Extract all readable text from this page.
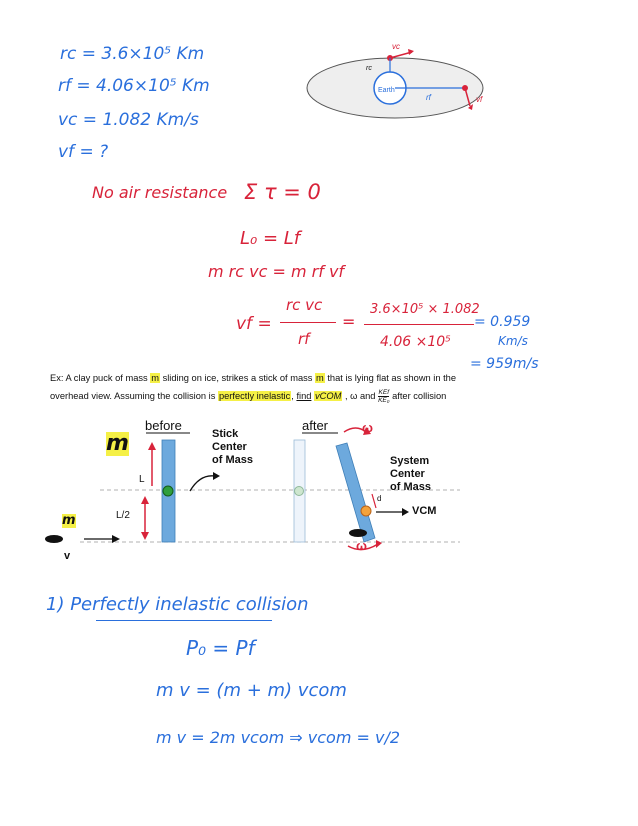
rc = 3.6×10⁵ Km
rf = 4.06×10⁵ Km
vc = 1.082 Km/s
vf = ?
Earth
vc
rc
rf	vf
No air resistance Σ τ = 0
L₀ = Lf
m rc vc = m rf vf
vf =
rc vc
rf
=
3.6×10⁵ × 1.082
4.06 ×10⁵
= 0.959
Km/s
= 959m/s
Ex: A clay puck of mass m sliding on ice, strikes a stick of mass m that is lying flat as shown in the
overhead view. Assuming the collision is perfectly inelastic, find vCOM , ω and KEf
KE₀ after collision
before	after
Stick
Center
of Mass	System
Center
of Mass
m
m
L
L/2
v
VCM
ω
ω
d
1) Perfectly inelastic collision
P₀ = Pf
m v = (m + m) vcom
m v = 2m vcom ⇒ vcom = v/2
